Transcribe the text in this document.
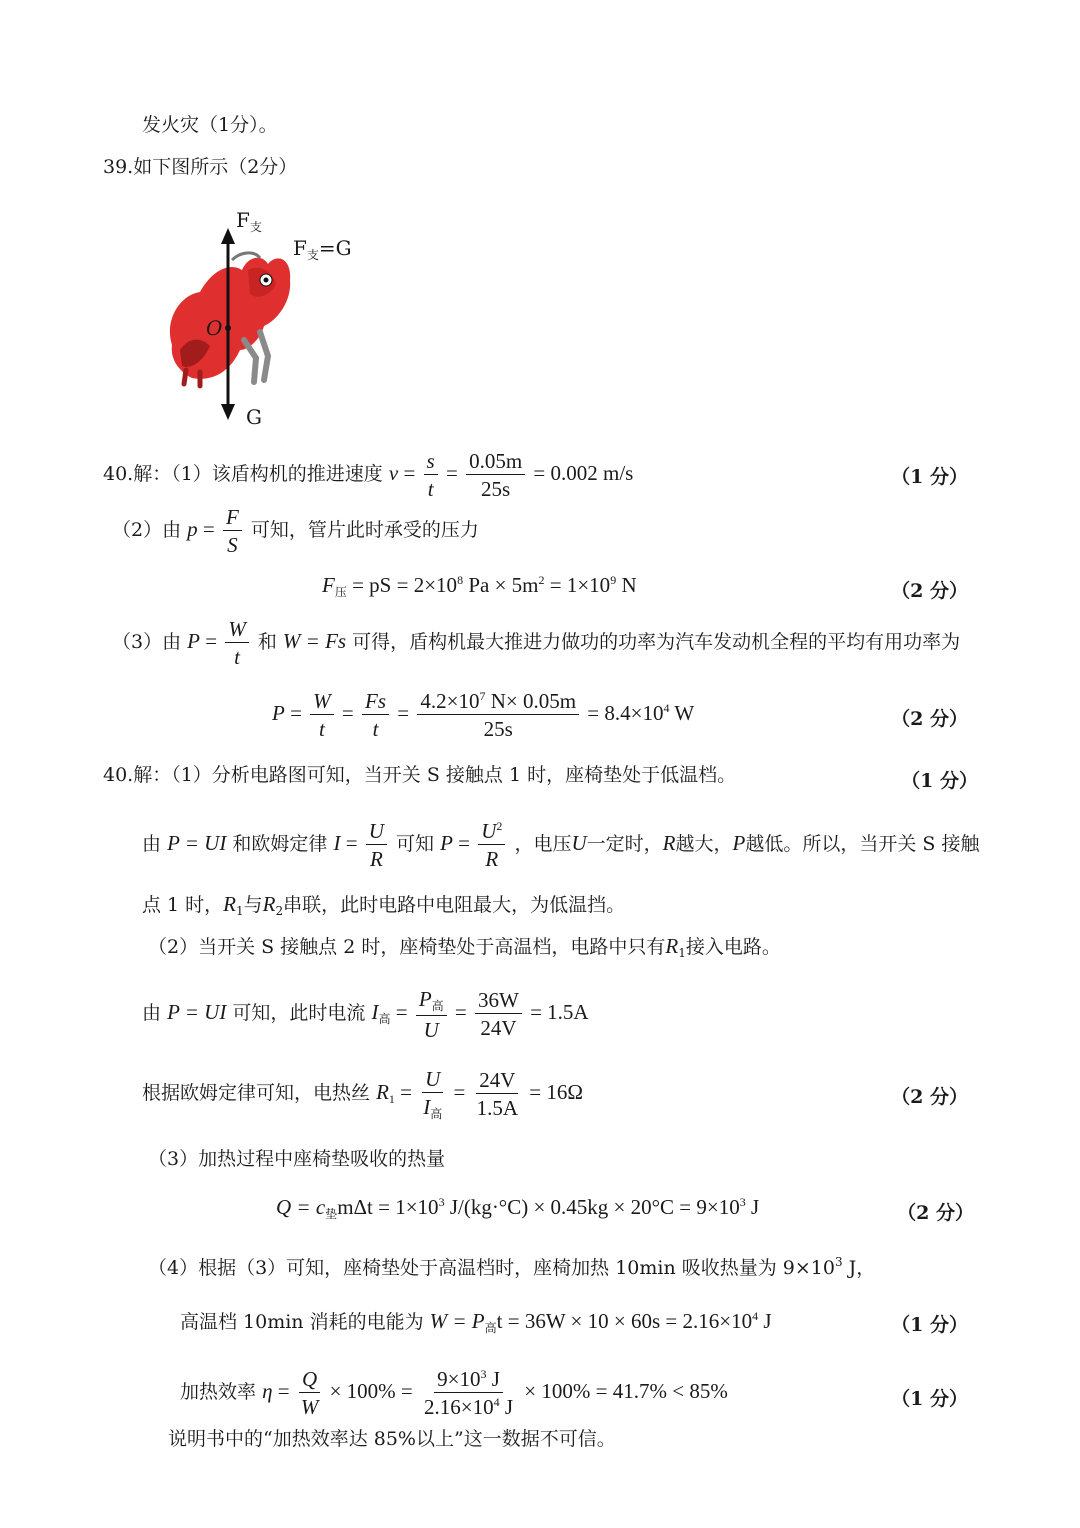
发火灾（1分）。
39.如下图所示（2分）
$F_支$
$F_支=G$
O
G
40.解：（1）该盾构机的推进速度 $v = \frac{s}{t} = \frac{0.05m}{25s} = 0.002$ m/s	（1 分）
（2）由 $p = \frac{F}{S}$ 可知，管片此时承受的压力
$F_压$ = pS = $2\times 10^8$ $Pa \times 5m^2 = 1\times 10^9$ N	（2 分）
（3）由 $P = \frac{W}{t}$ 和 W = Fs 可得，盾构机最大推进力做功的功率为汽车发动机全程的平均有用功率为
$P = \frac{W}{t} = \frac{Fs}{t} = \frac{4.2\times 10^7 N\times 0.05m}{25s} = 8.4\times 10^4$ W	（2 分）
40.解：（1）分析电路图可知，当开关 S 接触点 1 时，座椅垫处于低温档。	（1 分）
由 P = UI 和欧姆定律 $I = \frac{U}{R}$ 可知 $P = \frac{U^2}{R}$ ，电压U一定时，R越大，P越低。所以，当开关 S 接触
点 1 时，$R_1$与$R_2$串联，此时电路中电阻最大，为低温挡。
（2）当开关 S 接触点 2 时，座椅垫处于高温档，电路中只有$R_1$接入电路。
由 P = UI 可知，此时电流 $I_高 = \frac{P_高}{U} = \frac{36W}{24V} = 1.5A$
根据欧姆定律可知，电热丝 $R_1 = \frac{U}{I_高} = \frac{24V}{1.5A} = 16\Omega$	（2 分）
（3）加热过程中座椅垫吸收的热量
$Q = c_垫m\Delta t = 1\times 10^3$ $J/(kg\cdot^\circ C) \times 0.45kg \times 20^\circ C = 9\times 10^3$ J	（2 分）
（4）根据（3）可知，座椅垫处于高温档时，座椅加热 10min 吸收热量为 $9\times 10^3$ J，
高温档 10min 消耗的电能为 $W = P_高t = 36W \times 10 \times 60s = 2.16\times 10^4$ J	（1 分）
加热效率 $\eta = \frac{Q}{W} \times 100\% = \frac{9\times 10^3 J}{2.16\times 10^4 J} \times 100\% = 41.7\% < 85\%$	（1 分）
说明书中的“加热效率达 85%以上”这一数据不可信。
